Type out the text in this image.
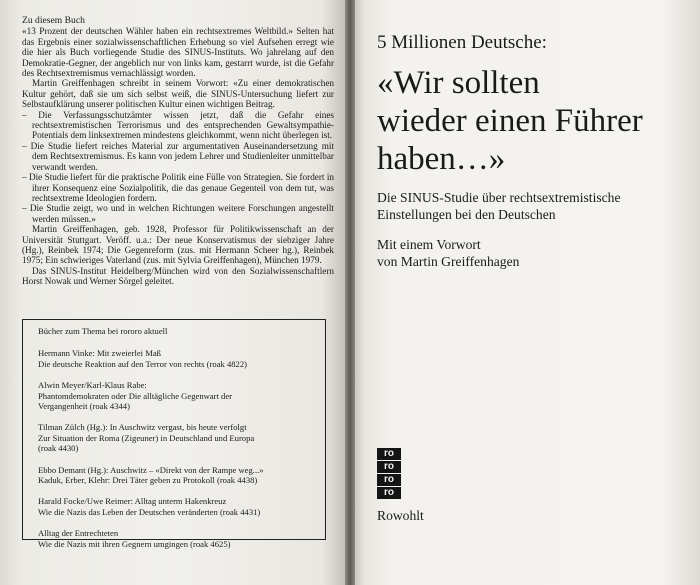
Zu diesem Buch

«13 Prozent der deutschen Wähler haben ein rechtsextremes Weltbild.» Selten hat das Ergebnis einer sozialwissenschaftlichen Erhebung so viel Aufsehen erregt wie die hier als Buch vorliegende Studie des SINUS-Instituts. Wo jahrelang auf den Demokratie-Gegner, der angeblich nur von links kam, gestarrt wurde, ist die Gefahr des Rechtsextremismus vernachlässigt worden.

Martin Greiffenhagen schreibt in seinem Vorwort: «Zu einer demokratischen Kultur gehört, daß sie um sich selbst weiß, die SINUS-Untersuchung liefert zur Selbstaufklärung unserer politischen Kultur einen wichtigen Beitrag.

– Die Verfassungsschutzämter wissen jetzt, daß die Gefahr eines rechtsextremistischen Terrorismus und des entsprechenden Gewaltsympathie-Potentials dem linksextremen mindestens gleichkommt, wenn nicht überlegen ist.

– Die Studie liefert reiches Material zur argumentativen Auseinandersetzung mit dem Rechtsextremismus. Es kann von jedem Lehrer und Studienleiter unmittelbar verwandt werden.

– Die Studie liefert für die praktische Politik eine Fülle von Strategien. Sie fordert in ihrer Konsequenz eine Sozialpolitik, die das genaue Gegenteil von dem tut, was rechtsextreme Ideologien fordern.

– Die Studie zeigt, wo und in welchen Richtungen weitere Forschungen angestellt werden müssen.»

Martin Greiffenhagen, geb. 1928, Professor für Politikwissenschaft an der Universität Stuttgart. Veröff. u.a.: Der neue Konservatismus der siebziger Jahre (Hg.), Reinbek 1974; Die Gegenreform (zus. mit Hermann Scheer hg.), Reinbek 1975; Ein schwieriges Vaterland (zus. mit Sylvia Greiffenhagen), München 1979.

Das SINUS-Institut Heidelberg/München wird von den Sozialwissenschaftlern Horst Nowak und Werner Sörgel geleitet.

Bücher zum Thema bei rororo aktuell
Hermann Vinke: Mit zweierlei Maß
Die deutsche Reaktion auf den Terror von rechts (roak 4822)
Alwin Meyer/Karl-Klaus Rabe:
Phantomdemokraten oder Die alltägliche Gegenwart der
Vergangenheit (roak 4344)
Tilman Zülch (Hg.): In Auschwitz vergast, bis heute verfolgt
Zur Situation der Roma (Zigeuner) in Deutschland und Europa
(roak 4430)
Ebbo Demant (Hg.): Auschwitz – «Direkt von der Rampe weg...»
Kaduk, Erber, Klehr: Drei Täter geben zu Protokoll (roak 4438)
Harald Focke/Uwe Reimer: Alltag unterm Hakenkreuz
Wie die Nazis das Leben der Deutschen veränderten (roak 4431)
Alltag der Entrechteten
Wie die Nazis mit ihren Gegnern umgingen (roak 4625)

5 Millionen Deutsche:

«Wir sollten
wieder einen Führer
haben…»

Die SINUS-Studie über rechtsextremistische
Einstellungen bei den Deutschen

Mit einem Vorwort
von Martin Greiffenhagen

ro
ro
ro
ro
Rowohlt
